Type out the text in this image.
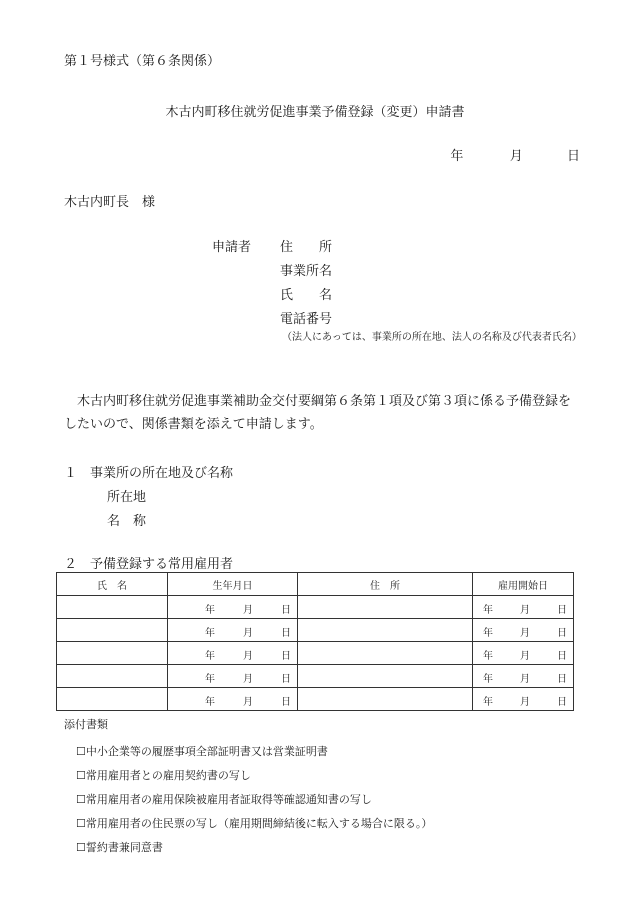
第１号様式（第６条関係）
木古内町移住就労促進事業予備登録（変更）申請書
年	月	日
木古内町長　様
申請者 住　　所
事業所名
氏　　名
電話番号
（法人にあっては、事業所の所在地、法人の名称及び代表者氏名）
木古内町移住就労促進事業補助金交付要綱第６条第１項及び第３項に係る予備登録をしたいので、関係書類を添えて申請します。
１　事業所の所在地及び名称
所在地
名　称
２　予備登録する常用雇用者
氏　名	生年月日	住　所	雇用開始日

	年 月 日		年 月 日

	年 月 日		年 月 日

	年 月 日		年 月 日

	年 月 日		年 月 日

	年 月 日		年 月 日
添付書類
☐中小企業等の履歴事項全部証明書又は営業証明書
☐常用雇用者との雇用契約書の写し
☐常用雇用者の雇用保険被雇用者証取得等確認通知書の写し
☐常用雇用者の住民票の写し（雇用期間締結後に転入する場合に限る。）
☐誓約書兼同意書
